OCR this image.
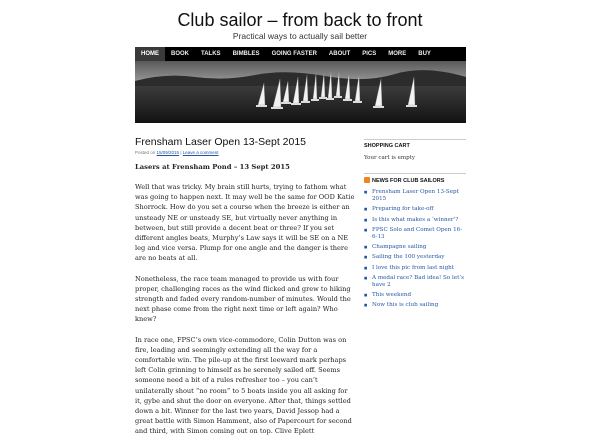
Club sailor – from back to front
Practical ways to actually sail better
HOME	BOOK	TALKS	BIMBLES	GOING FASTER	ABOUT	PICS	MORE	BUY
Frensham Laser Open 13-Sept 2015
Posted on 15/09/2015 | Leave a comment

Lasers at Frensham Pond – 13 Sept 2015

Well that was tricky. My brain still hurts, trying to fathom what was going to happen next. It may well be the same for OOD Katie Shorrock. How do you set a course when the breeze is either an unsteady NE or unsteady SE, but virtually never anything in between, but still provide a decent beat or three? If you set different angles beats, Murphy’s Law says it will be SE on a NE leg and vice versa. Plump for one angle and the danger is there are no beats at all.

Nonetheless, the race team managed to provide us with four proper, challenging races as the wind flicked and grew to hiking strength and faded every random-number of minutes. Would the next phase come from the right next time or left again? Who knew?

In race one, FPSC’s own vice-commodore, Colin Dutton was on fire, leading and seemingly extending all the way for a comfortable win. The pile-up at the first leeward mark perhaps left Colin grinning to himself as he serenely sailed off. Seems someone need a bit of a rules refresher too – you can’t unilaterally shout “no room” to 5 boats inside you all asking for it, gybe and shut the door on everyone. After that, things settled down a bit. Winner for the last two years, David Jessop had a great battle with Simon Hamment, also of Papercourt for second and third, with Simon coming out on top. Clive Eplett

SHOPPING CART

Your cart is empty

NEWS FOR CLUB SAILORS
■ Frensham Laser Open 13-Sept 2015
■ Preparing for take-off
■ Is this what makes a ‘winner’?
■ FPSC Solo and Comet Open 16-6-13
■ Champagne sailing
■ Sailing the 100 yesterday
■ I love this pic from last night
■ A medal race? Bad idea! So let’s have 2
■ This weekend
■ Now this is club sailing
